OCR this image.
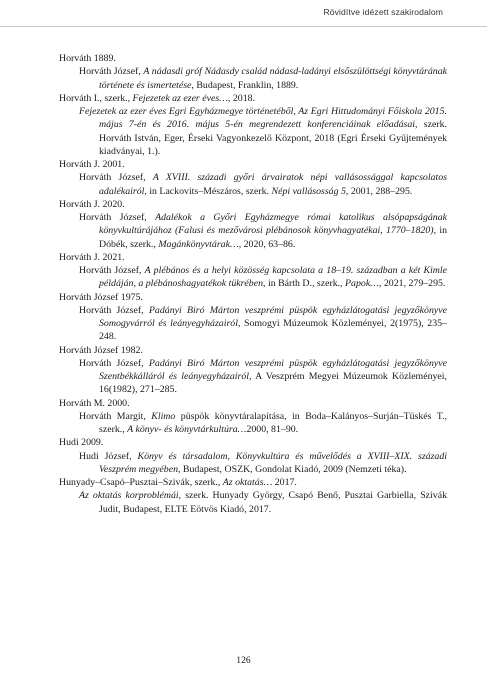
Rövidítve idézett szakirodalom

Horváth 1889.

Horváth József, A nádasdi gróf Nádasdy család nádasd-ladányi elsőszülöttségi könyvtárának története és ismertetése, Budapest, Franklin, 1889.

Horváth I., szerk., Fejezetek az ezer éves…, 2018.

Fejezetek az ezer éves Egri Egyházmegye történetéből, Az Egri Hittudományi Főiskola 2015. május 7-én és 2016. május 5-én megrendezett konferenciáinak előadásai, szerk. Horváth István, Eger, Érseki Vagyonkezelő Központ, 2018 (Egri Érseki Gyűjtemények kiadványai, 1.).

Horváth J. 2001.

Horváth József, A XVIII. századi győri árvairatok népi vallásossággal kapcsolatos adalékairól, in Lackovits–Mészáros, szerk. Népi vallásosság 5, 2001, 288–295.

Horváth J. 2020.

Horváth József, Adalékok a Győri Egyházmegye római katolikus alsópapságának könyvkultúrájához (Falusi és mezővárosi plébánosok könyvhagyatékai, 1770–1820), in Dóbék, szerk., Magánkönyvtárak…, 2020, 63–86.

Horváth J. 2021.

Horváth József, A plébános és a helyi közösség kapcsolata a 18–19. században a két Kimle példáján, a plébánoshagyatékok tükrében, in Bárth D., szerk., Papok…, 2021, 279–295.

Horváth József 1975.

Horváth József, Padányi Biró Márton veszprémi püspök egyházlátogatási jegyzőkönyve Somogyvárról és leányegyházairól, Somogyi Múzeumok Közleményei, 2(1975), 235–248.

Horváth József 1982.

Horváth József, Padányi Biró Márton veszprémi püspök egyházlátogatási jegyzőkönyve Szentbékkálláról és leányegyházairól, A Veszprém Megyei Múzeumok Közleményei, 16(1982), 271–285.

Horváth M. 2000.

Horváth Margit, Klimo püspök könyvtáralapítása, in Boda–Kalányos–Surján–Tüskés T., szerk., A könyv- és könyvtárkultúra…2000, 81–90.

Hudi 2009.

Hudi József, Könyv és társadalom, Könyvkultúra és művelődés a XVIII–XIX. századi Veszprém megyében, Budapest, OSZK, Gondolat Kiadó, 2009 (Nemzeti téka).

Hunyady–Csapó–Pusztai–Szivák, szerk., Az oktatás… 2017.

Az oktatás korproblémái, szerk. Hunyady György, Csapó Benő, Pusztai Garbiella, Szivák Judit, Budapest, ELTE Eötvös Kiadó, 2017.

126
